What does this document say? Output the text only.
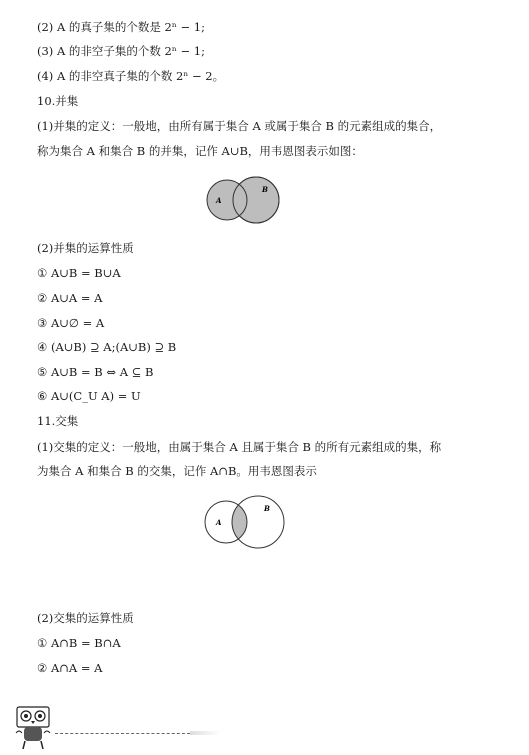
(2) A 的真子集的个数是 2ⁿ − 1;
(3) A 的非空子集的个数 2ⁿ − 1;
(4) A 的非空真子集的个数 2ⁿ − 2。
10.并集
(1)并集的定义：一般地，由所有属于集合 A 或属于集合 B 的元素组成的集合，
称为集合 A 和集合 B 的并集，记作 A∪B，用韦恩图表示如图：
A
B
(2)并集的运算性质
① A∪B = B∪A
② A∪A = A
③ A∪∅ = A
④ (A∪B) ⊇ A;(A∪B) ⊇ B
⑤ A∪B = B ⇔ A ⊆ B
⑥ A∪(C_U A) = U
11.交集
(1)交集的定义：一般地，由属于集合 A 且属于集合 B 的所有元素组成的集，称
为集合 A 和集合 B 的交集，记作 A∩B。用韦恩图表示
A
B
(2)交集的运算性质
① A∩B = B∩A
② A∩A = A
